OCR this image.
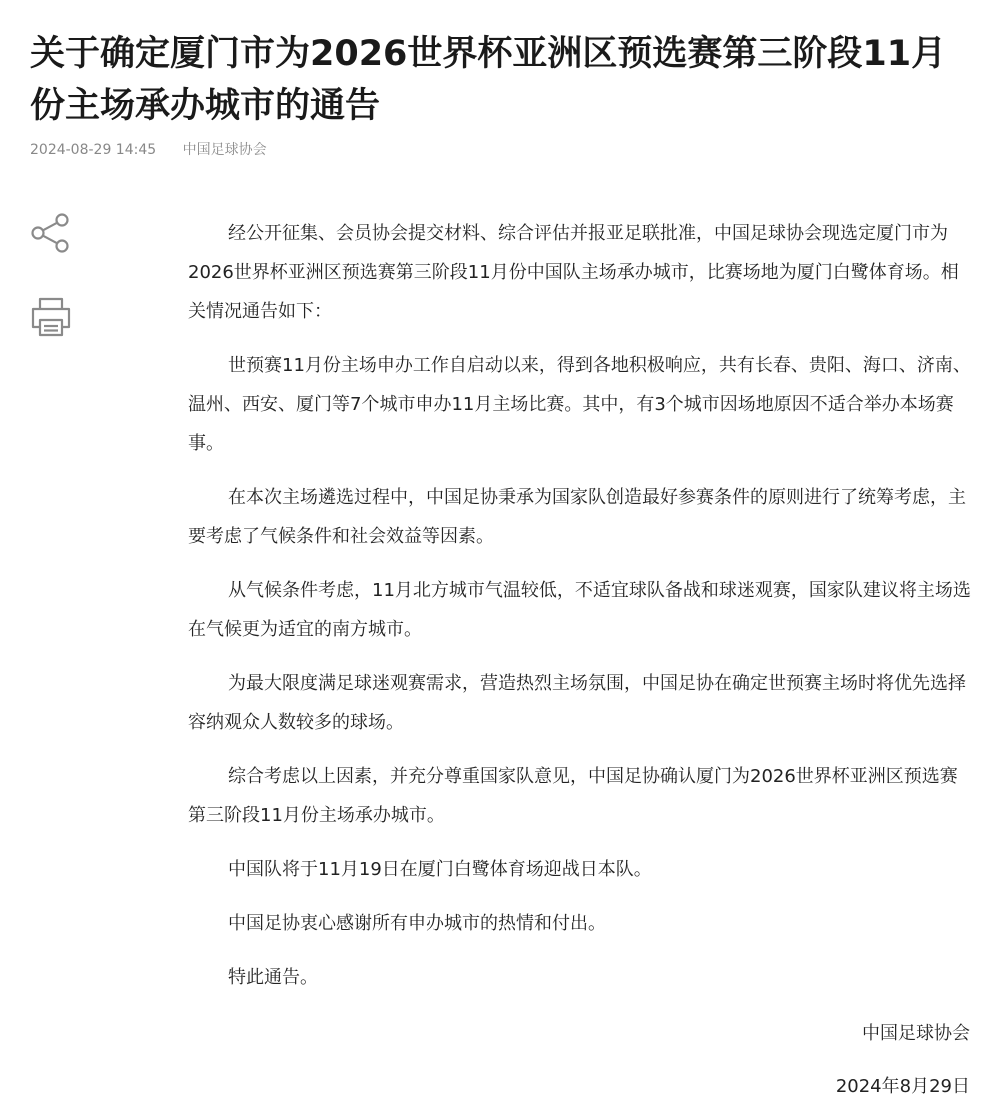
关于确定厦门市为2026世界杯亚洲区预选赛第三阶段11月份主场承办城市的通告
2024-08-29 14:45 中国足球协会

经公开征集、会员协会提交材料、综合评估并报亚足联批准，中国足球协会现选定厦门市为2026世界杯亚洲区预选赛第三阶段11月份中国队主场承办城市，比赛场地为厦门白鹭体育场。相关情况通告如下：

世预赛11月份主场申办工作自启动以来，得到各地积极响应，共有长春、贵阳、海口、济南、温州、西安、厦门等7个城市申办11月主场比赛。其中，有3个城市因场地原因不适合举办本场赛事。

在本次主场遴选过程中，中国足协秉承为国家队创造最好参赛条件的原则进行了统筹考虑，主要考虑了气候条件和社会效益等因素。

从气候条件考虑，11月北方城市气温较低，不适宜球队备战和球迷观赛，国家队建议将主场选在气候更为适宜的南方城市。

为最大限度满足球迷观赛需求，营造热烈主场氛围，中国足协在确定世预赛主场时将优先选择容纳观众人数较多的球场。

综合考虑以上因素，并充分尊重国家队意见，中国足协确认厦门为2026世界杯亚洲区预选赛第三阶段11月份主场承办城市。

中国队将于11月19日在厦门白鹭体育场迎战日本队。

中国足协衷心感谢所有申办城市的热情和付出。

特此通告。

中国足球协会
2024年8月29日
